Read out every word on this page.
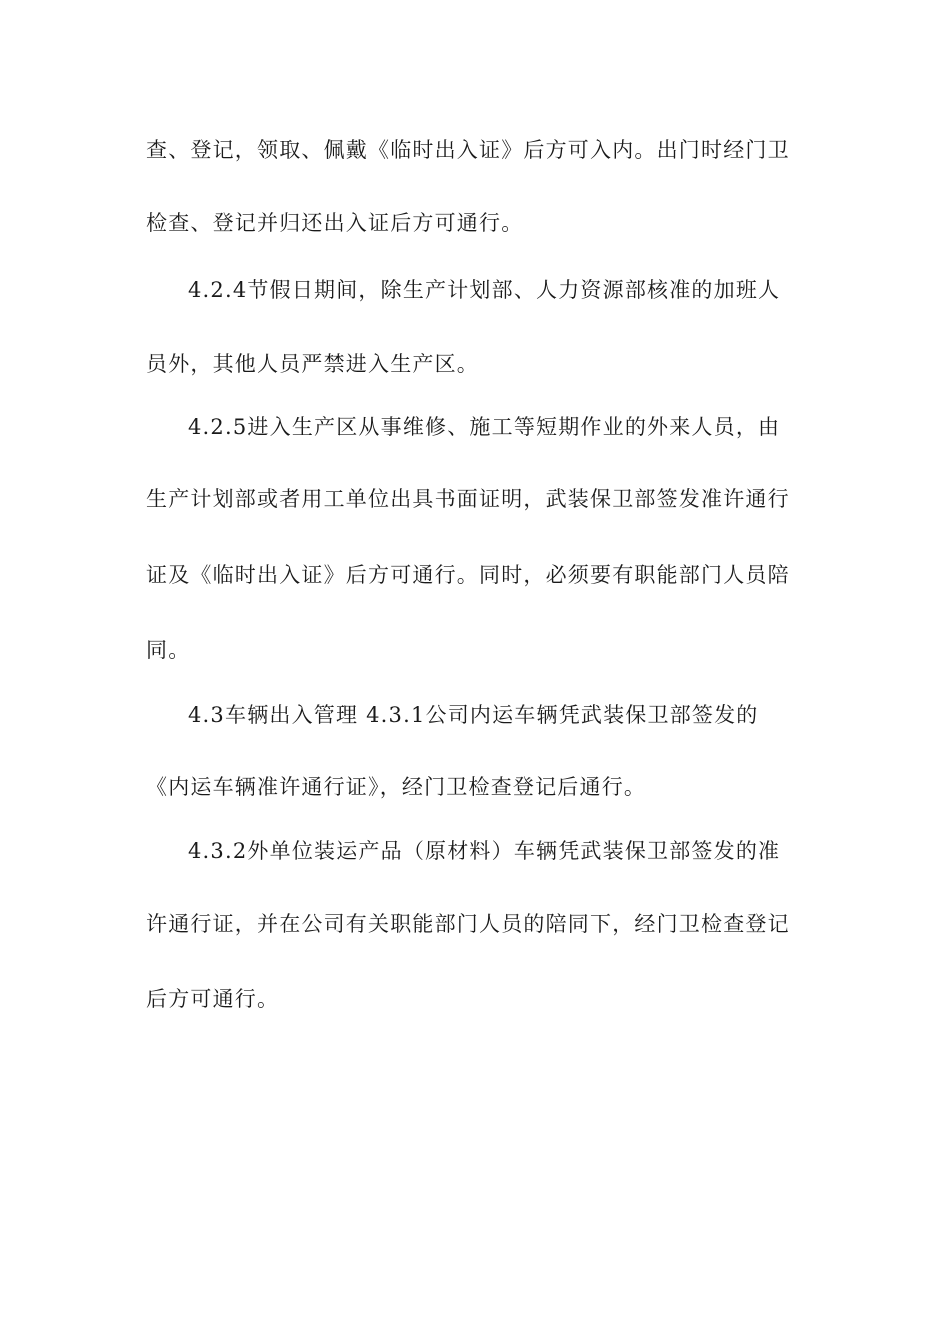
查、登记，领取、佩戴《临时出入证》后方可入内。出门时经门卫
检查、登记并归还出入证后方可通行。
4.2.4节假日期间，除生产计划部、人力资源部核准的加班人
员外，其他人员严禁进入生产区。
4.2.5进入生产区从事维修、施工等短期作业的外来人员，由
生产计划部或者用工单位出具书面证明，武装保卫部签发准许通行
证及《临时出入证》后方可通行。同时，必须要有职能部门人员陪
同。
4.3车辆出入管理 4.3.1公司内运车辆凭武装保卫部签发的
《内运车辆准许通行证》，经门卫检查登记后通行。
4.3.2外单位装运产品（原材料）车辆凭武装保卫部签发的准
许通行证，并在公司有关职能部门人员的陪同下，经门卫检查登记
后方可通行。
